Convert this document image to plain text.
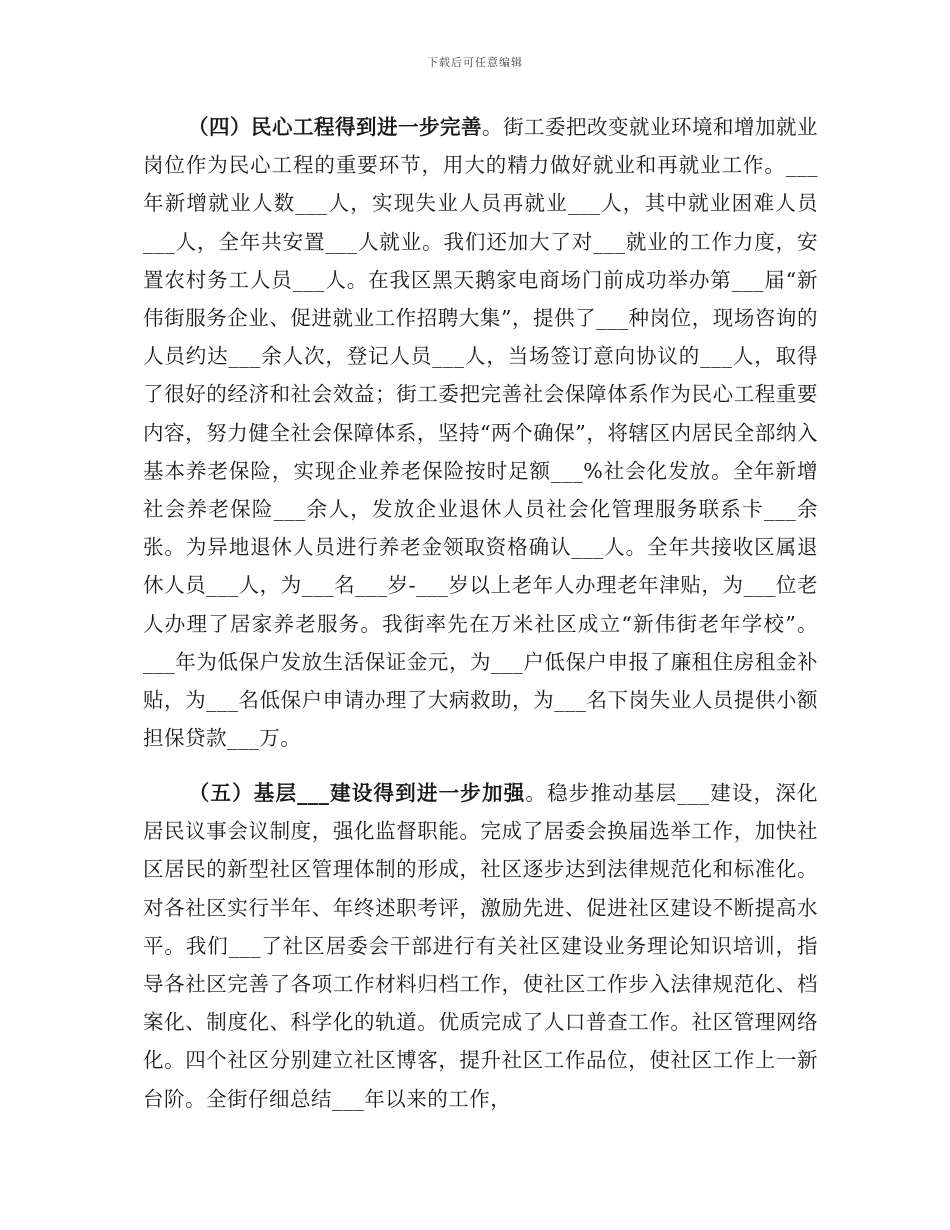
下载后可任意编辑

（四）民心工程得到进一步完善。街工委把改变就业环境和增加就业岗位作为民心工程的重要环节，用大的精力做好就业和再就业工作。___年新增就业人数___人，实现失业人员再就业___人，其中就业困难人员___人，全年共安置___人就业。我们还加大了对___就业的工作力度，安置农村务工人员___人。在我区黑天鹅家电商场门前成功举办第___届“新伟街服务企业、促进就业工作招聘大集”，提供了___种岗位，现场咨询的人员约达___余人次，登记人员___人，当场签订意向协议的___人，取得了很好的经济和社会效益；街工委把完善社会保障体系作为民心工程重要内容，努力健全社会保障体系，坚持“两个确保”，将辖区内居民全部纳入基本养老保险，实现企业养老保险按时足额___%社会化发放。全年新增社会养老保险___余人，发放企业退休人员社会化管理服务联系卡___余张。为异地退休人员进行养老金领取资格确认___人。全年共接收区属退休人员___人，为___名___岁-___岁以上老年人办理老年津贴，为___位老人办理了居家养老服务。我街率先在万米社区成立“新伟街老年学校”。___年为低保户发放生活保证金元，为___户低保户申报了廉租住房租金补贴，为___名低保户申请办理了大病救助，为___名下岗失业人员提供小额担保贷款___万。

（五）基层___建设得到进一步加强。稳步推动基层___建设，深化居民议事会议制度，强化监督职能。完成了居委会换届选举工作，加快社区居民的新型社区管理体制的形成，社区逐步达到法律规范化和标准化。对各社区实行半年、年终述职考评，激励先进、促进社区建设不断提高水平。我们___了社区居委会干部进行有关社区建设业务理论知识培训，指导各社区完善了各项工作材料归档工作，使社区工作步入法律规范化、档案化、制度化、科学化的轨道。优质完成了人口普查工作。社区管理网络化。四个社区分别建立社区博客，提升社区工作品位，使社区工作上一新台阶。全街仔细总结___年以来的工作，
